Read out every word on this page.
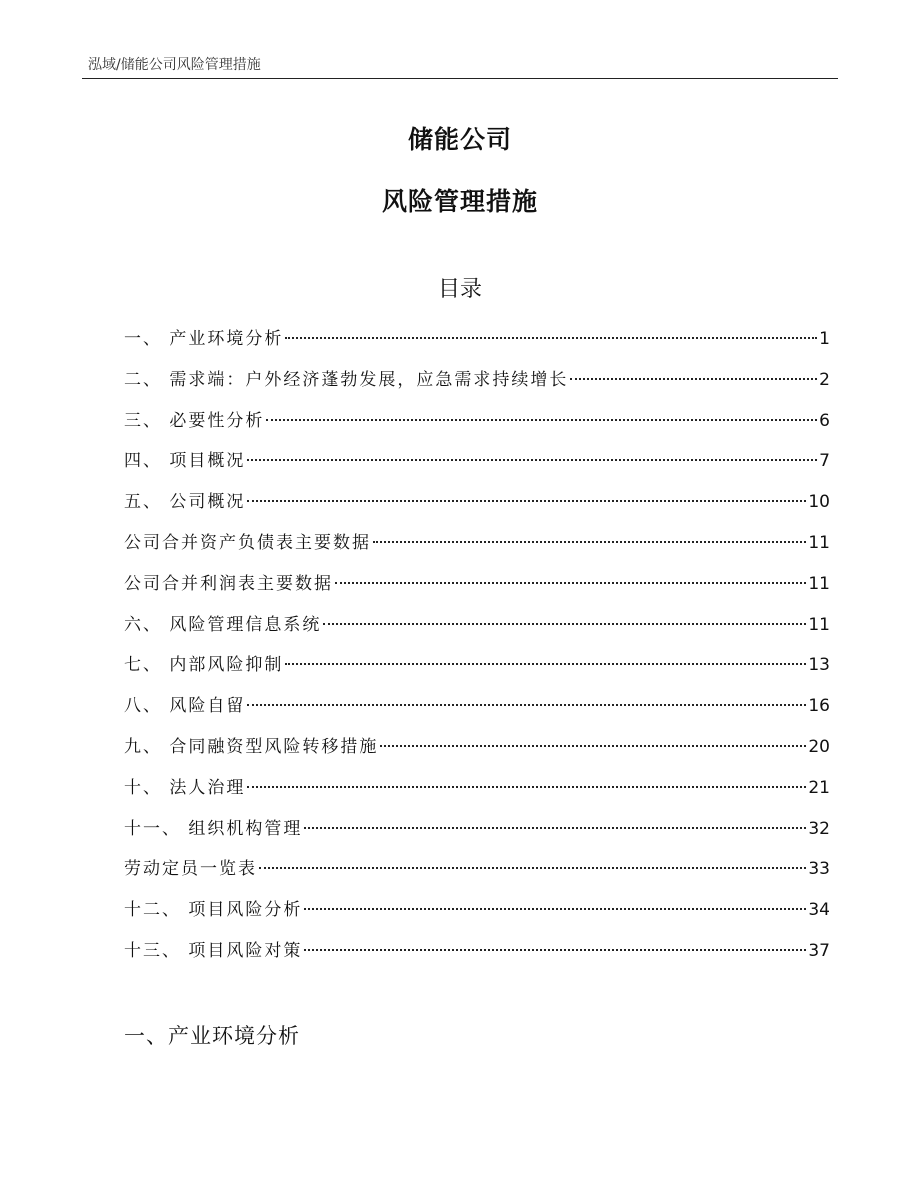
泓域/储能公司风险管理措施
储能公司
风险管理措施
目录
一、 产业环境分析	1
二、 需求端：户外经济蓬勃发展，应急需求持续增长	2
三、 必要性分析	6
四、 项目概况	7
五、 公司概况	10
公司合并资产负债表主要数据	11
公司合并利润表主要数据	11
六、 风险管理信息系统	11
七、 内部风险抑制	13
八、 风险自留	16
九、 合同融资型风险转移措施	20
十、 法人治理	21
十一、 组织机构管理	32
劳动定员一览表	33
十二、 项目风险分析	34
十三、 项目风险对策	37
一、产业环境分析
